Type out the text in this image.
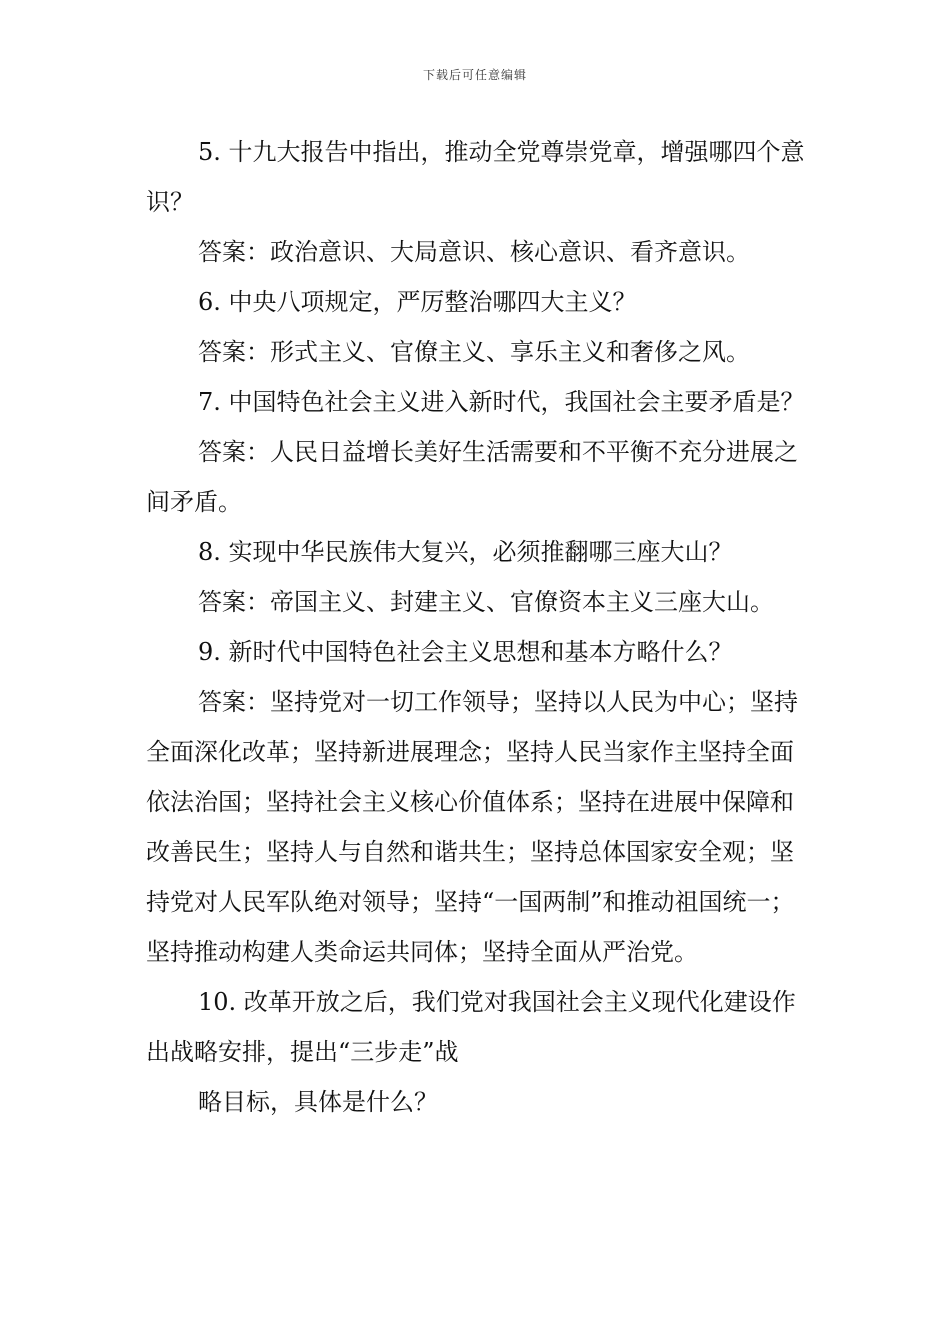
下载后可任意编辑

5. 十九大报告中指出，推动全党尊崇党章，增强哪四个意识？

答案：政治意识、大局意识、核心意识、看齐意识。

6. 中央八项规定，严厉整治哪四大主义？

答案：形式主义、官僚主义、享乐主义和奢侈之风。

7. 中国特色社会主义进入新时代，我国社会主要矛盾是？

答案：人民日益增长美好生活需要和不平衡不充分进展之间矛盾。

8. 实现中华民族伟大复兴，必须推翻哪三座大山？

答案：帝国主义、封建主义、官僚资本主义三座大山。

9. 新时代中国特色社会主义思想和基本方略什么？

答案：坚持党对一切工作领导；坚持以人民为中心；坚持全面深化改革；坚持新进展理念；坚持人民当家作主坚持全面依法治国；坚持社会主义核心价值体系；坚持在进展中保障和改善民生；坚持人与自然和谐共生；坚持总体国家安全观；坚持党对人民军队绝对领导；坚持“一国两制”和推动祖国统一；坚持推动构建人类命运共同体；坚持全面从严治党。

10. 改革开放之后，我们党对我国社会主义现代化建设作出战略安排，提出“三步走”战

略目标，具体是什么？
